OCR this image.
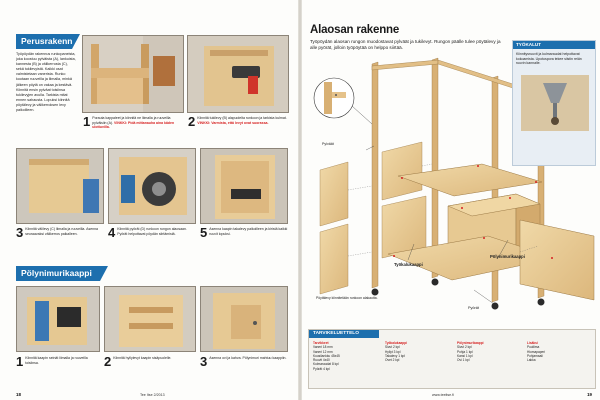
Perusrakenne
Työpöydän rakennus runkopaneista, joka koostuu pylväista (A), lankuista, kannesta (B) ja välikerrosta (C), sekä tukilevyistä. Kaikki osat valmistetaan vanerista. Runko kootaan ruuveilla ja liimalla, minkä jälkeen pöytä on vakaa ja kestävä. Kiinnitä ensin pylväat toisiinsa tukilevyjen avulla. Tarkista mitat ennen sahausta. Lopuksi kiinnitä pöytälevy ja välikerroksen levy paikoilleen.
1 Porauta kappaleet ja kiinnitä ne liimalla ja ruuveilla pylväisiin (A). VINKKI: Pidä mittanauha aina käden ulottuvilla.	2 Kiinnitä tukilevy (B) alapuolelta runkoon ja tarkista kulmat. VINKKI: Varmista, että levyt ovat suorassa.
3 Kiinnitä välilevy (C) liimalla ja ruuveilla. Asenna seuraavaksi välikerros paikalleen.	4 Kiinnitä pyörät (D) runkoon rungon alaosaan. Pyörät helpottavat pöydän siirtämistä.	5 Asenna kaapin takalevy paikoilleen ja kiristä kaikki ruuvit lopuksi.
Pölynimurikaappi
1 Kiinnitä kaapin seinät liimalla ja ruuveilla toisiinsa.	2 Kiinnitä hyllylevyt kaapin sisäpuolelle.	3 Asenna ovi ja kahva. Pölynimuri mahtuu kaappiin.
18	Tee Itse 2/2013
Alaosan rakenne
Työpöydän alaosan rungon muodostavat pylväät ja tukilevyt. Rungon päälle tulee pöytälevy ja alle pyörät, jolloin työpöytää on helppo siirtää.
TYÖKALUT
Kiinnitysruuvit ja kulmaraudat helpottavat kokoamista. Upotuspora tekee siistin reiän ruuvin kannalle.
Pylväät
Työkalukaappi
Pölynimurikaappi
Pyörät
Pöytälevy kiinnitetään runkoon alakautta.
TARVIKELUETTELO
Tarvikkeet
Vaneri 18 mm
Vaneri 12 mm
Kuusilankku 45x45
Ruuvit 4x40
Kulmaraudat 8 kpl
Pyörät 4 kpl
Työkalukaappi
Sivut 2 kpl
Hyllyt 3 kpl
Takalevy 1 kpl
Ovet 2 kpl
Pölynimurikaappi
Sivut 2 kpl
Pohja 1 kpl
Kansi 1 kpl
Ovi 1 kpl
Lisäksi
Puuliima
Hiomapaperi
Pohjamaali
Lakka
www.teeitse.fi	19
